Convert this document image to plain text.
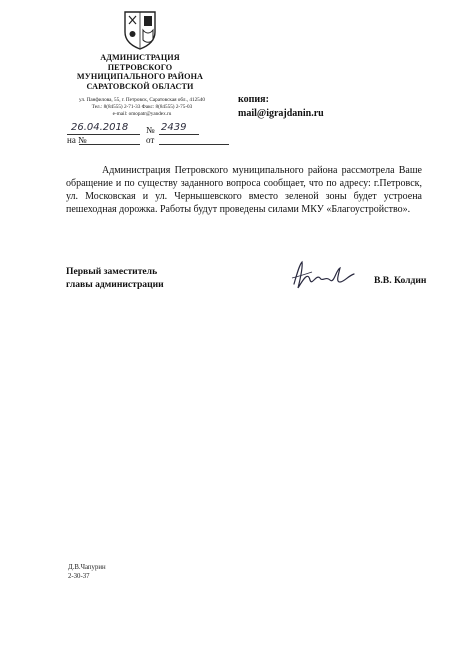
АДМИНИСТРАЦИЯ
ПЕТРОВСКОГО
МУНИЦИПАЛЬНОГО РАЙОНА
САРАТОВСКОЙ ОБЛАСТИ
ул. Панфилова, 55, г. Петровск, Саратовская обл., 412540
Тел.: 8(84555) 2-71-33 Факс: 8(84555) 2-75-03
e-mail: omopatr@yandex.ru
копия:
mail@igrajdanin.ru
26.04.2018 № 2439
на №	от

Администрация Петровского муниципального района рассмотрела Ваше обращение и по существу заданного вопроса сообщает, что по адресу: г.Петровск, ул. Московская и ул. Чернышевского вместо зеленой зоны будет устроена пешеходная дорожка. Работы будут проведены силами МКУ «Благоустройство».

Первый заместитель
главы администрации	В.В. Колдин
Д.В.Чапурин
2-30-37
